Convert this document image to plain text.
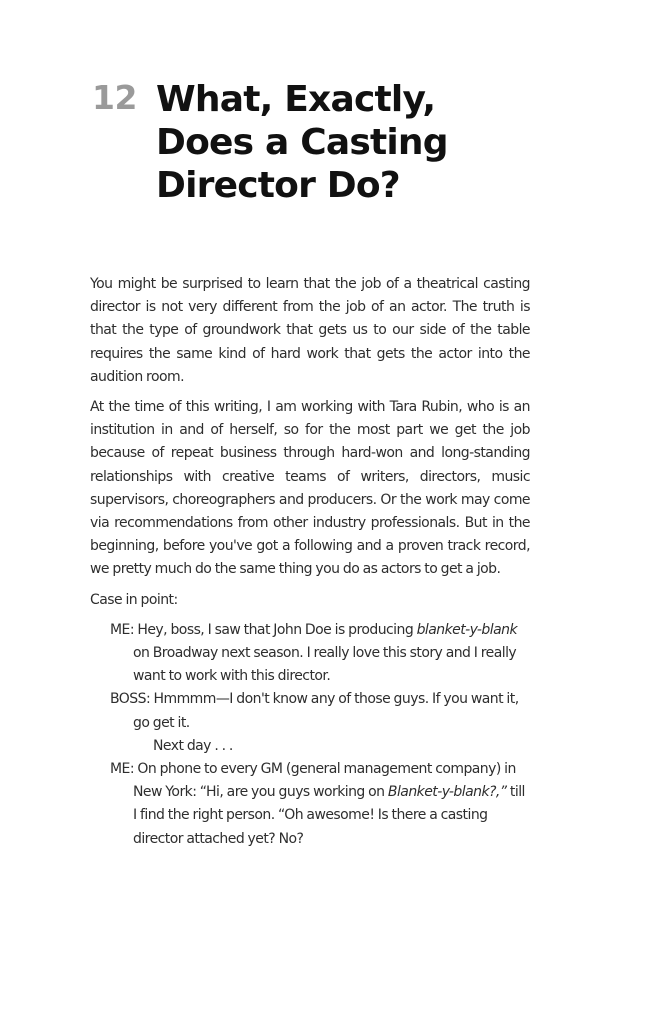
12 What, Exactly,
Does a Casting
Director Do?

You might be surprised to learn that the job of a theatrical casting director is not very different from the job of an actor. The truth is that the type of groundwork that gets us to our side of the table requires the same kind of hard work that gets the actor into the audition room.

At the time of this writing, I am working with Tara Rubin, who is an institution in and of herself, so for the most part we get the job because of repeat business through hard-won and long-standing relationships with creative teams of writers, directors, music supervisors, choreographers and producers. Or the work may come via recommendations from other industry professionals. But in the beginning, before you've got a following and a proven track record, we pretty much do the same thing you do as actors to get a job.

Case in point:

ME: Hey, boss, I saw that John Doe is producing blanket-y-blank on Broadway next season. I really love this story and I really want to work with this director.

BOSS: Hmmmm—I don't know any of those guys. If you want it, go get it.

Next day . . .

ME: On phone to every GM (general management company) in New York: “Hi, are you guys working on Blanket-y-blank?,” till I find the right person. “Oh awesome! Is there a casting director attached yet? No?
